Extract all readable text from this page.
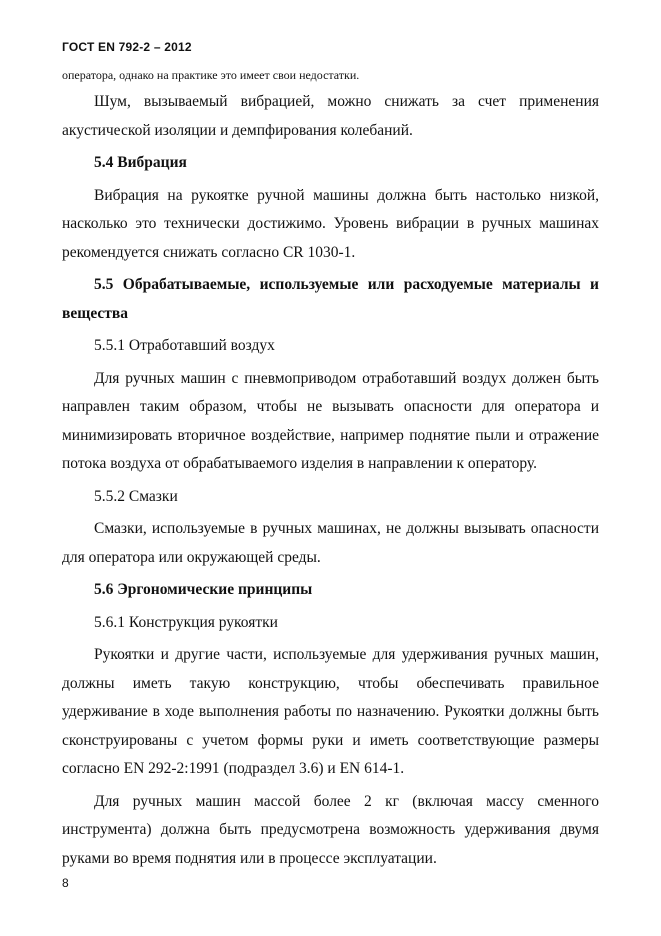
ГОСТ EN 792-2 – 2012
оператора, однако на практике это имеет свои недостатки.

Шум, вызываемый вибрацией, можно снижать за счет применения акустической изоляции и демпфирования колебаний.

5.4 Вибрация

Вибрация на рукоятке ручной машины должна быть настолько низкой, насколько это технически достижимо. Уровень вибрации в ручных машинах рекомендуется снижать согласно CR 1030-1.

5.5 Обрабатываемые, используемые или расходуемые материалы и вещества
5.5.1 Отработавший воздух

Для ручных машин с пневмоприводом отработавший воздух должен быть направлен таким образом, чтобы не вызывать опасности для оператора и минимизировать вторичное воздействие, например поднятие пыли и отражение потока воздуха от обрабатываемого изделия в направлении к оператору.

5.5.2 Смазки

Смазки, используемые в ручных машинах, не должны вызывать опасности для оператора или окружающей среды.

5.6 Эргономические принципы
5.6.1 Конструкция рукоятки

Рукоятки и другие части, используемые для удерживания ручных машин, должны иметь такую конструкцию, чтобы обеспечивать правильное удерживание в ходе выполнения работы по назначению. Рукоятки должны быть сконструированы с учетом формы руки и иметь соответствующие размеры согласно EN 292-2:1991 (подраздел 3.6) и EN 614-1.

Для ручных машин массой более 2 кг (включая массу сменного инструмента) должна быть предусмотрена возможность удерживания двумя руками во время поднятия или в процессе эксплуатации.

8
